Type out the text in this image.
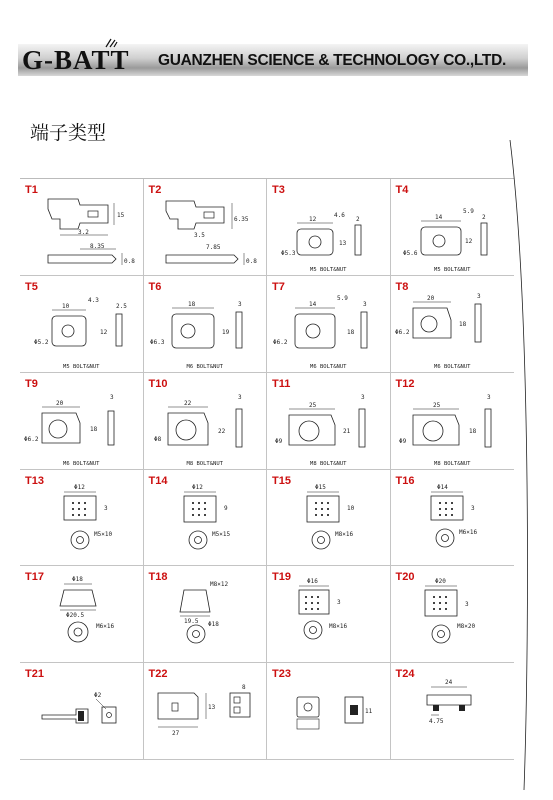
G-BATT GUANZHEN SCIENCE & TECHNOLOGY CO.,LTD.
端子类型
T1
3.2
8.35
15
0.8
T2
3.5
7.85
6.35
0.8
T3
12
4.6
2
Φ5.3
13
M5 BOLT&NUT
T4
14
5.9
2
Φ5.6
12
M5 BOLT&NUT
T5
10
4.3
2.5
Φ5.2
12
M5 BOLT&NUT
T6
18	3
Φ6.3
19
M6 BOLT&NUT
T7
14
5.9
3
Φ6.2
18
M6 BOLT&NUT
T8
20	3
Φ6.2
18
M6 BOLT&NUT
T9
20
3
Φ6.2
18
M6 BOLT&NUT
T10
22
3
Φ8
22
M8 BOLT&NUT
T11
25
3
Φ9
21
M8 BOLT&NUT
T12
25
3
Φ9
18
M8 BOLT&NUT
T13
Φ12
3
M5×10
T14
Φ12
9
M5×15
T15
Φ15
10
M8×16
T16
Φ14
3
M6×16
T17	Φ18
Φ20.5
M6×16
T18
M8×12
19.5 Φ18
T19	Φ16
3
M8×16
T20	Φ20
3
M8×20
T21
Φ2
T22
27
13
8
T23
11
T24
24
4.75
